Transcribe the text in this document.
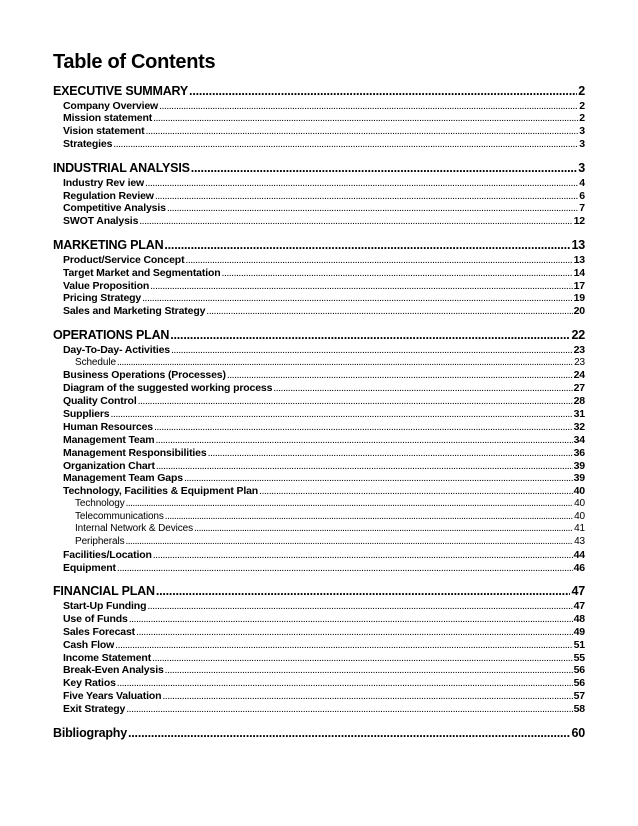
Table of Contents
EXECUTIVE SUMMARY .....	2
Company Overview .....	2
Mission statement .....	2
Vision statement .....	3
Strategies .....	3
INDUSTRIAL ANALYSIS .....	3
Industry Rev iew .....	4
Regulation Review .....	6
Competitive Analysis .....	7
SWOT Analysis .....	12
MARKETING PLAN .....	13
Product/Service Concept .....	13
Target Market and Segmentation .....	14
Value Proposition .....	17
Pricing Strategy .....	19
Sales and Marketing Strategy .....	20
OPERATIONS PLAN .....	22
Day-To-Day- Activities .....	23
Schedule .....	23
Business Operations (Processes) .....	24
Diagram of the suggested working process .....	27
Quality Control .....	28
Suppliers .....	31
Human Resources .....	32
Management Team .....	34
Management Responsibilities .....	36
Organization Chart .....	39
Management Team Gaps .....	39
Technology, Facilities & Equipment Plan .....	40
Technology .....	40
Telecommunications .....	40
Internal Network & Devices .....	41
Peripherals .....	43
Facilities/Location .....	44
Equipment .....	46
FINANCIAL PLAN .....	47
Start-Up Funding .....	47
Use of Funds .....	48
Sales Forecast .....	49
Cash Flow .....	51
Income Statement .....	55
Break-Even Analysis .....	56
Key Ratios .....	56
Five Years Valuation .....	57
Exit Strategy .....	58
Bibliography .....	60
